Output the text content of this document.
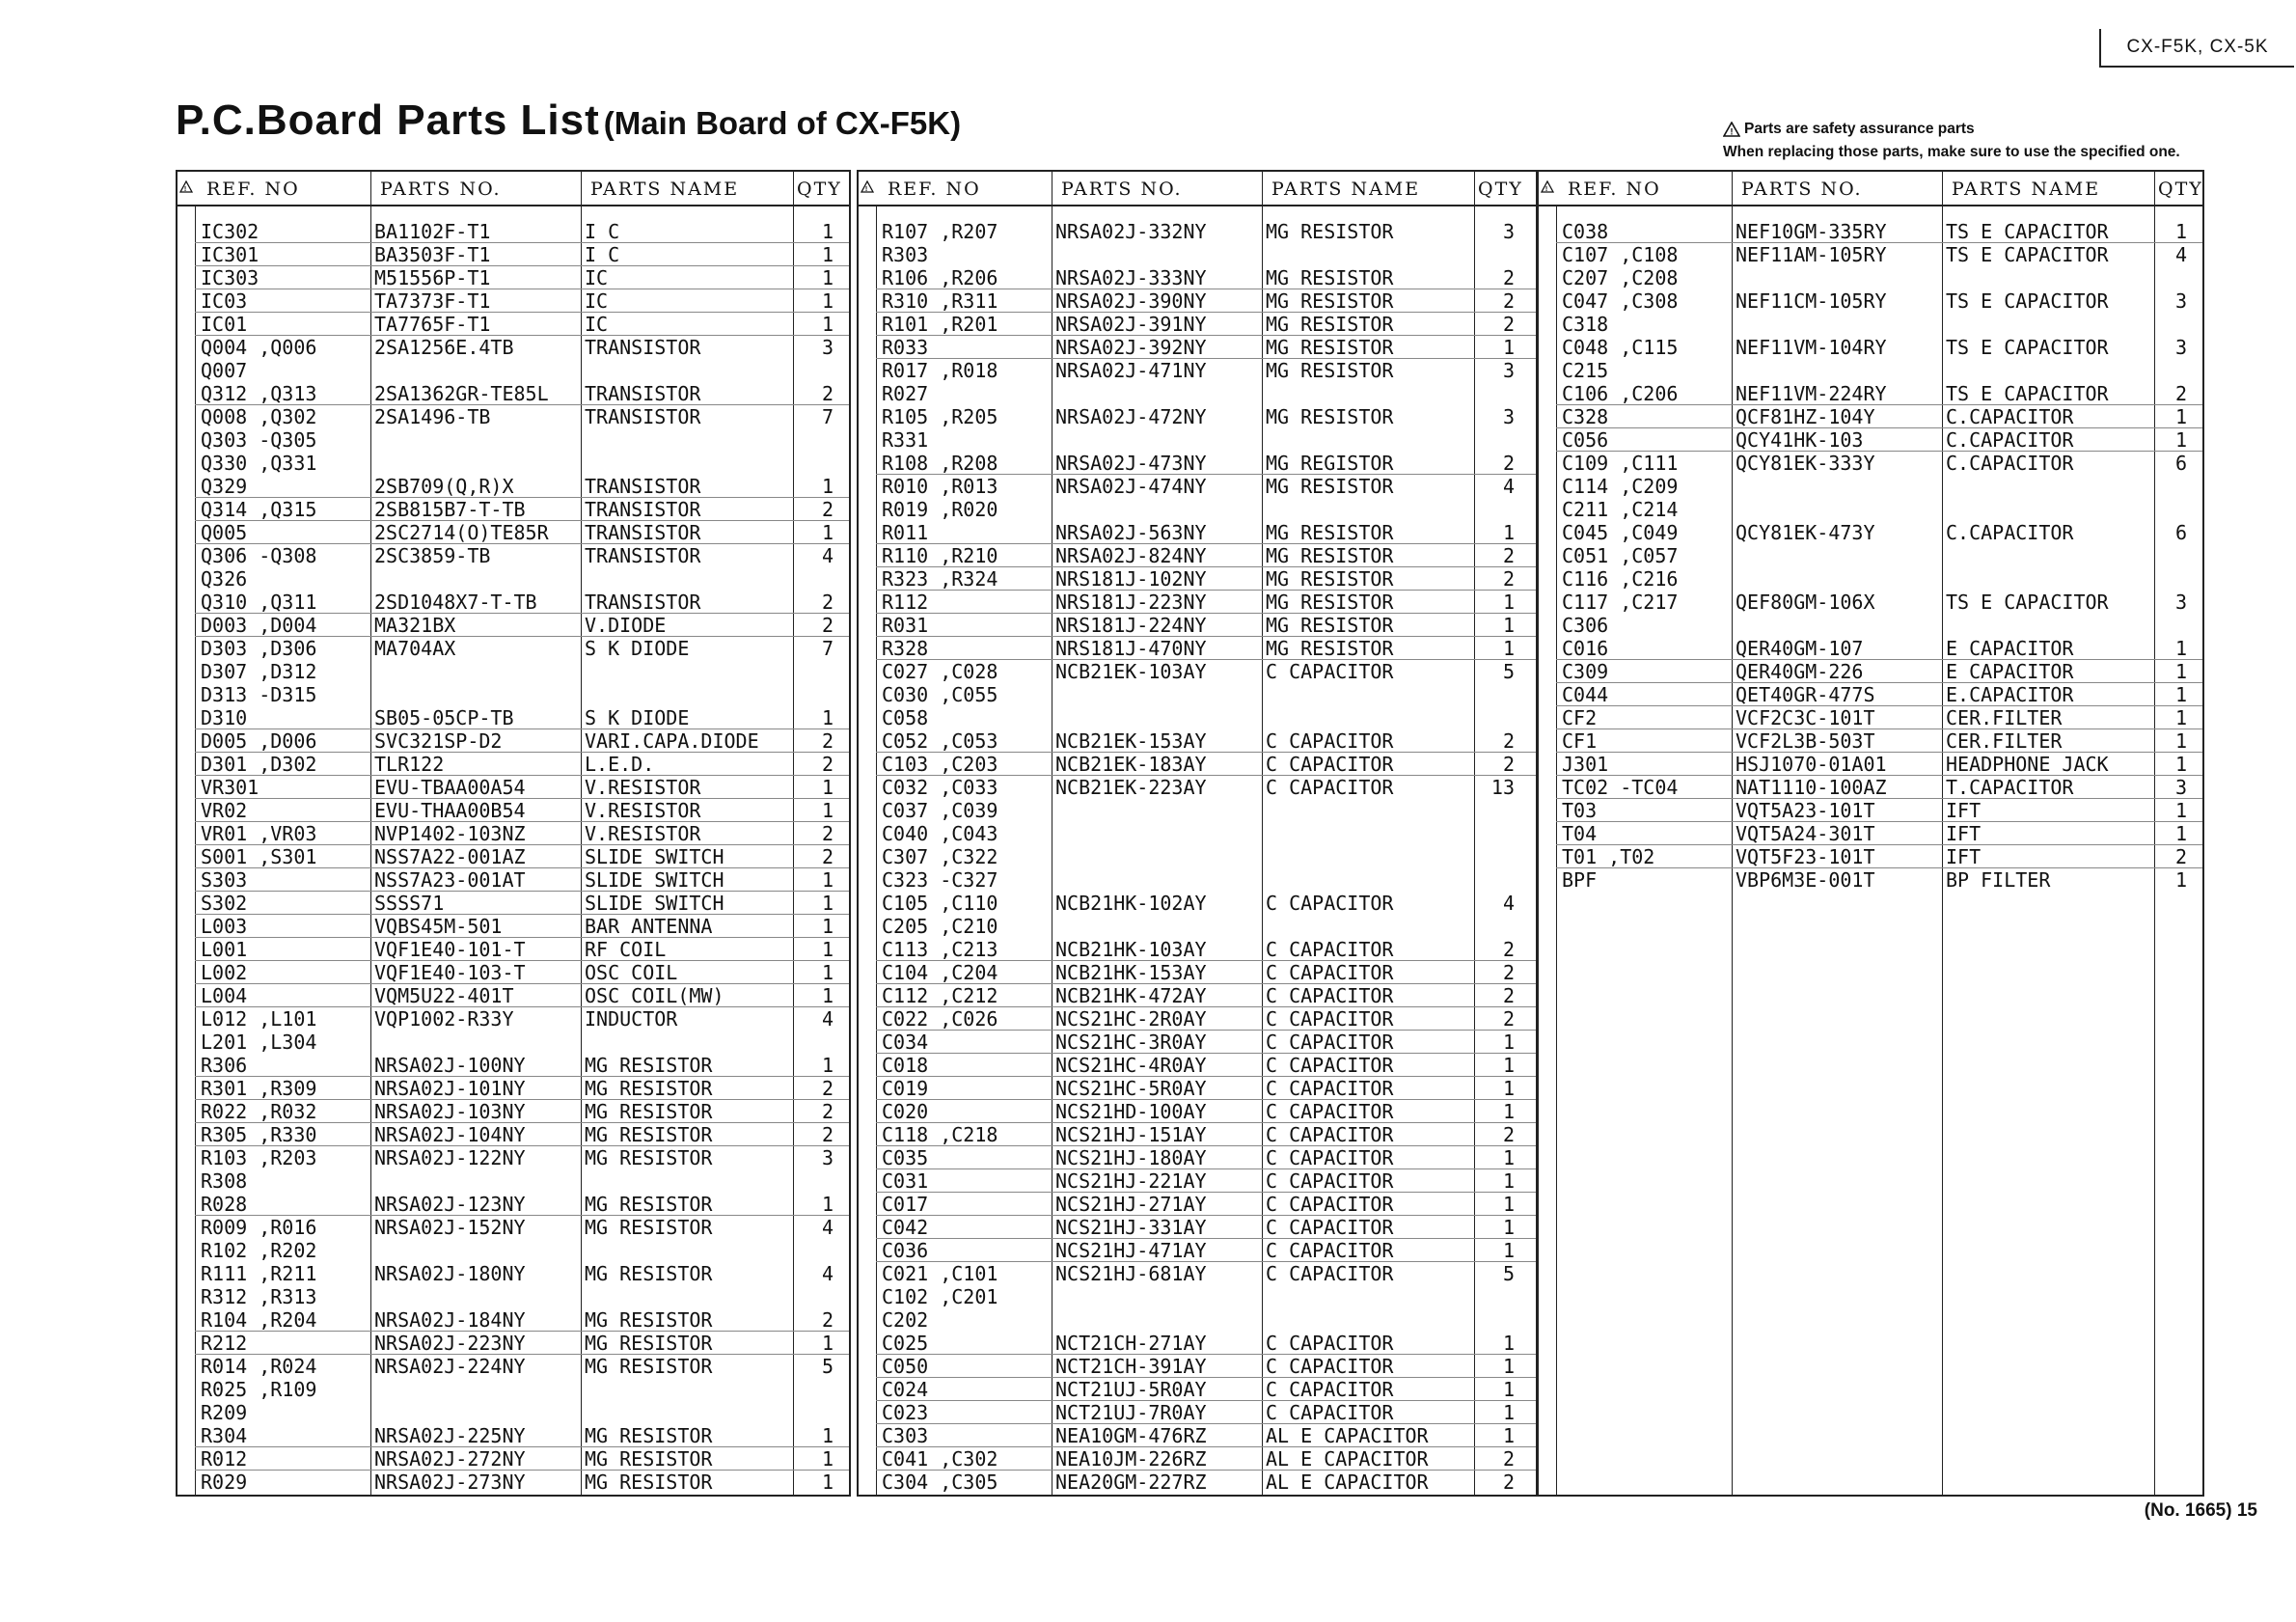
CX-F5K, CX-5K
P.C.Board Parts List (Main Board of CX-F5K)	! Parts are safety assurance parts
When replacing those parts, make sure to use the specified one.
! REF. NO	PARTS NO.	PARTS NAME	QTY
IC302	BA1102F-T1	I C	1
IC301	BA3503F-T1	I C	1
IC303	M51556P-T1	IC	1
IC03	TA7373F-T1	IC	1
IC01	TA7765F-T1	IC	1
Q004 ,Q006	2SA1256E.4TB	TRANSISTOR	3
Q007
Q312 ,Q313	2SA1362GR-TE85L	TRANSISTOR	2
Q008 ,Q302	2SA1496-TB	TRANSISTOR	7
Q303 -Q305
Q330 ,Q331
Q329	2SB709(Q,R)X	TRANSISTOR	1
Q314 ,Q315	2SB815B7-T-TB	TRANSISTOR	2
Q005	2SC2714(O)TE85R	TRANSISTOR	1
Q306 -Q308	2SC3859-TB	TRANSISTOR	4
Q326
Q310 ,Q311	2SD1048X7-T-TB	TRANSISTOR	2
D003 ,D004	MA321BX	V.DIODE	2
D303 ,D306	MA704AX	S K DIODE	7
D307 ,D312
D313 -D315
D310	SB05-05CP-TB	S K DIODE	1
D005 ,D006	SVC321SP-D2	VARI.CAPA.DIODE	2
D301 ,D302	TLR122	L.E.D.	2
VR301	EVU-TBAA00A54	V.RESISTOR	1
VR02	EVU-THAA00B54	V.RESISTOR	1
VR01 ,VR03	NVP1402-103NZ	V.RESISTOR	2
S001 ,S301	NSS7A22-001AZ	SLIDE SWITCH	2
S303	NSS7A23-001AT	SLIDE SWITCH	1
S302	SSSS71	SLIDE SWITCH	1
L003	VQBS45M-501	BAR ANTENNA	1
L001	VQF1E40-101-T	RF COIL	1
L002	VQF1E40-103-T	OSC COIL	1
L004	VQM5U22-401T	OSC COIL(MW)	1
L012 ,L101	VQP1002-R33Y	INDUCTOR	4
L201 ,L304
R306	NRSA02J-100NY	MG RESISTOR	1
R301 ,R309	NRSA02J-101NY	MG RESISTOR	2
R022 ,R032	NRSA02J-103NY	MG RESISTOR	2
R305 ,R330	NRSA02J-104NY	MG RESISTOR	2
R103 ,R203	NRSA02J-122NY	MG RESISTOR	3
R308
R028	NRSA02J-123NY	MG RESISTOR	1
R009 ,R016	NRSA02J-152NY	MG RESISTOR	4
R102 ,R202
R111 ,R211	NRSA02J-180NY	MG RESISTOR	4
R312 ,R313
R104 ,R204	NRSA02J-184NY	MG RESISTOR	2
R212	NRSA02J-223NY	MG RESISTOR	1
R014 ,R024	NRSA02J-224NY	MG RESISTOR	5
R025 ,R109
R209
R304	NRSA02J-225NY	MG RESISTOR	1
R012	NRSA02J-272NY	MG RESISTOR	1
R029	NRSA02J-273NY	MG RESISTOR	1
! REF. NO	PARTS NO.	PARTS NAME	QTY
R107 ,R207	NRSA02J-332NY	MG RESISTOR	3
R303
R106 ,R206	NRSA02J-333NY	MG RESISTOR	2
R310 ,R311	NRSA02J-390NY	MG RESISTOR	2
R101 ,R201	NRSA02J-391NY	MG RESISTOR	2
R033	NRSA02J-392NY	MG RESISTOR	1
R017 ,R018	NRSA02J-471NY	MG RESISTOR	3
R027
R105 ,R205	NRSA02J-472NY	MG RESISTOR	3
R331
R108 ,R208	NRSA02J-473NY	MG REGISTOR	2
R010 ,R013	NRSA02J-474NY	MG RESISTOR	4
R019 ,R020
R011	NRSA02J-563NY	MG RESISTOR	1
R110 ,R210	NRSA02J-824NY	MG RESISTOR	2
R323 ,R324	NRS181J-102NY	MG RESISTOR	2
R112	NRS181J-223NY	MG RESISTOR	1
R031	NRS181J-224NY	MG RESISTOR	1
R328	NRS181J-470NY	MG RESISTOR	1
C027 ,C028	NCB21EK-103AY	C CAPACITOR	5
C030 ,C055
C058
C052 ,C053	NCB21EK-153AY	C CAPACITOR	2
C103 ,C203	NCB21EK-183AY	C CAPACITOR	2
C032 ,C033	NCB21EK-223AY	C CAPACITOR	13
C037 ,C039
C040 ,C043
C307 ,C322
C323 -C327
C105 ,C110	NCB21HK-102AY	C CAPACITOR	4
C205 ,C210
C113 ,C213	NCB21HK-103AY	C CAPACITOR	2
C104 ,C204	NCB21HK-153AY	C CAPACITOR	2
C112 ,C212	NCB21HK-472AY	C CAPACITOR	2
C022 ,C026	NCS21HC-2R0AY	C CAPACITOR	2
C034	NCS21HC-3R0AY	C CAPACITOR	1
C018	NCS21HC-4R0AY	C CAPACITOR	1
C019	NCS21HC-5R0AY	C CAPACITOR	1
C020	NCS21HD-100AY	C CAPACITOR	1
C118 ,C218	NCS21HJ-151AY	C CAPACITOR	2
C035	NCS21HJ-180AY	C CAPACITOR	1
C031	NCS21HJ-221AY	C CAPACITOR	1
C017	NCS21HJ-271AY	C CAPACITOR	1
C042	NCS21HJ-331AY	C CAPACITOR	1
C036	NCS21HJ-471AY	C CAPACITOR	1
C021 ,C101	NCS21HJ-681AY	C CAPACITOR	5
C102 ,C201
C202
C025	NCT21CH-271AY	C CAPACITOR	1
C050	NCT21CH-391AY	C CAPACITOR	1
C024	NCT21UJ-5R0AY	C CAPACITOR	1
C023	NCT21UJ-7R0AY	C CAPACITOR	1
C303	NEA10GM-476RZ	AL E CAPACITOR	1
C041 ,C302	NEA10JM-226RZ	AL E CAPACITOR	2
C304 ,C305	NEA20GM-227RZ	AL E CAPACITOR	2
! REF. NO	PARTS NO.	PARTS NAME	QTY
C038	NEF10GM-335RY	TS E CAPACITOR	1
C107 ,C108	NEF11AM-105RY	TS E CAPACITOR	4
C207 ,C208
C047 ,C308	NEF11CM-105RY	TS E CAPACITOR	3
C318
C048 ,C115	NEF11VM-104RY	TS E CAPACITOR	3
C215
C106 ,C206	NEF11VM-224RY	TS E CAPACITOR	2
C328	QCF81HZ-104Y	C.CAPACITOR	1
C056	QCY41HK-103	C.CAPACITOR	1
C109 ,C111	QCY81EK-333Y	C.CAPACITOR	6
C114 ,C209
C211 ,C214
C045 ,C049	QCY81EK-473Y	C.CAPACITOR	6
C051 ,C057
C116 ,C216
C117 ,C217	QEF80GM-106X	TS E CAPACITOR	3
C306
C016	QER40GM-107	E CAPACITOR	1
C309	QER40GM-226	E CAPACITOR	1
C044	QET40GR-477S	E.CAPACITOR	1
CF2	VCF2C3C-101T	CER.FILTER	1
CF1	VCF2L3B-503T	CER.FILTER	1
J301	HSJ1070-01A01	HEADPHONE JACK	1
TC02 -TC04	NAT1110-100AZ	T.CAPACITOR	3
T03	VQT5A23-101T	IFT	1
T04	VQT5A24-301T	IFT	1
T01 ,T02	VQT5F23-101T	IFT	2
BPF	VBP6M3E-001T	BP FILTER	1
(No. 1665) 15
